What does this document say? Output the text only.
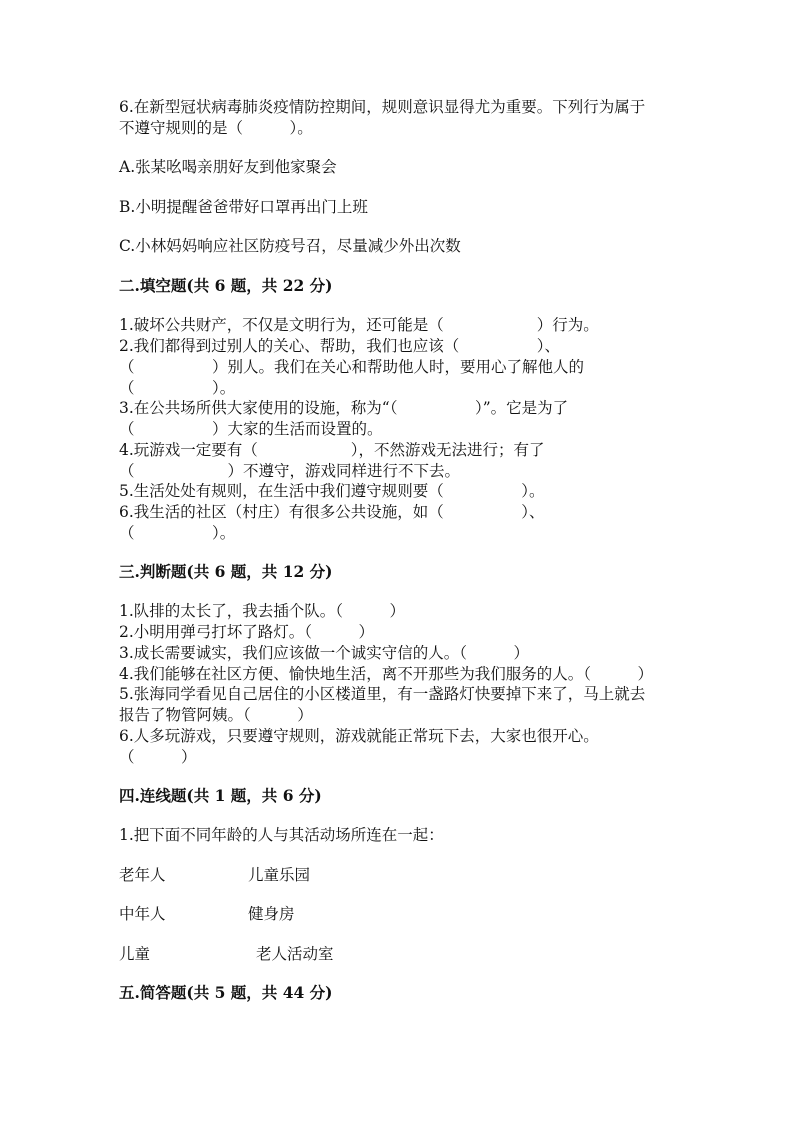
6.在新型冠状病毒肺炎疫情防控期间，规则意识显得尤为重要。下列行为属于
不遵守规则的是（　　　）。
A.张某吆喝亲朋好友到他家聚会
B.小明提醒爸爸带好口罩再出门上班
C.小林妈妈响应社区防疫号召，尽量减少外出次数
二.填空题(共 6 题，共 22 分)
1.破坏公共财产，不仅是文明行为，还可能是（　　　　　　）行为。
2.我们都得到过别人的关心、帮助，我们也应该（　　　　　）、
（　　　　　）别人。我们在关心和帮助他人时，要用心了解他人的
（　　　　　）。
3.在公共场所供大家使用的设施，称为“（　　　　　）”。它是为了
（　　　　　）大家的生活而设置的。
4.玩游戏一定要有（　　　　　　），不然游戏无法进行；有了
（　　　　　　）不遵守，游戏同样进行不下去。
5.生活处处有规则，在生活中我们遵守规则要（　　　　　）。
6.我生活的社区（村庄）有很多公共设施，如（　　　　　）、
（　　　　　）。
三.判断题(共 6 题，共 12 分)
1.队排的太长了，我去插个队。（　　　）
2.小明用弹弓打坏了路灯。（　　　）
3.成长需要诚实，我们应该做一个诚实守信的人。（　　　）
4.我们能够在社区方便、愉快地生活，离不开那些为我们服务的人。（　　　）
5.张海同学看见自己居住的小区楼道里，有一盏路灯快要掉下来了，马上就去
报告了物管阿姨。（　　　）
6.人多玩游戏，只要遵守规则，游戏就能正常玩下去，大家也很开心。
（　　　）
四.连线题(共 1 题，共 6 分)
1.把下面不同年龄的人与其活动场所连在一起：
老年人	儿童乐园
中年人	健身房
儿童	老人活动室
五.简答题(共 5 题，共 44 分)
